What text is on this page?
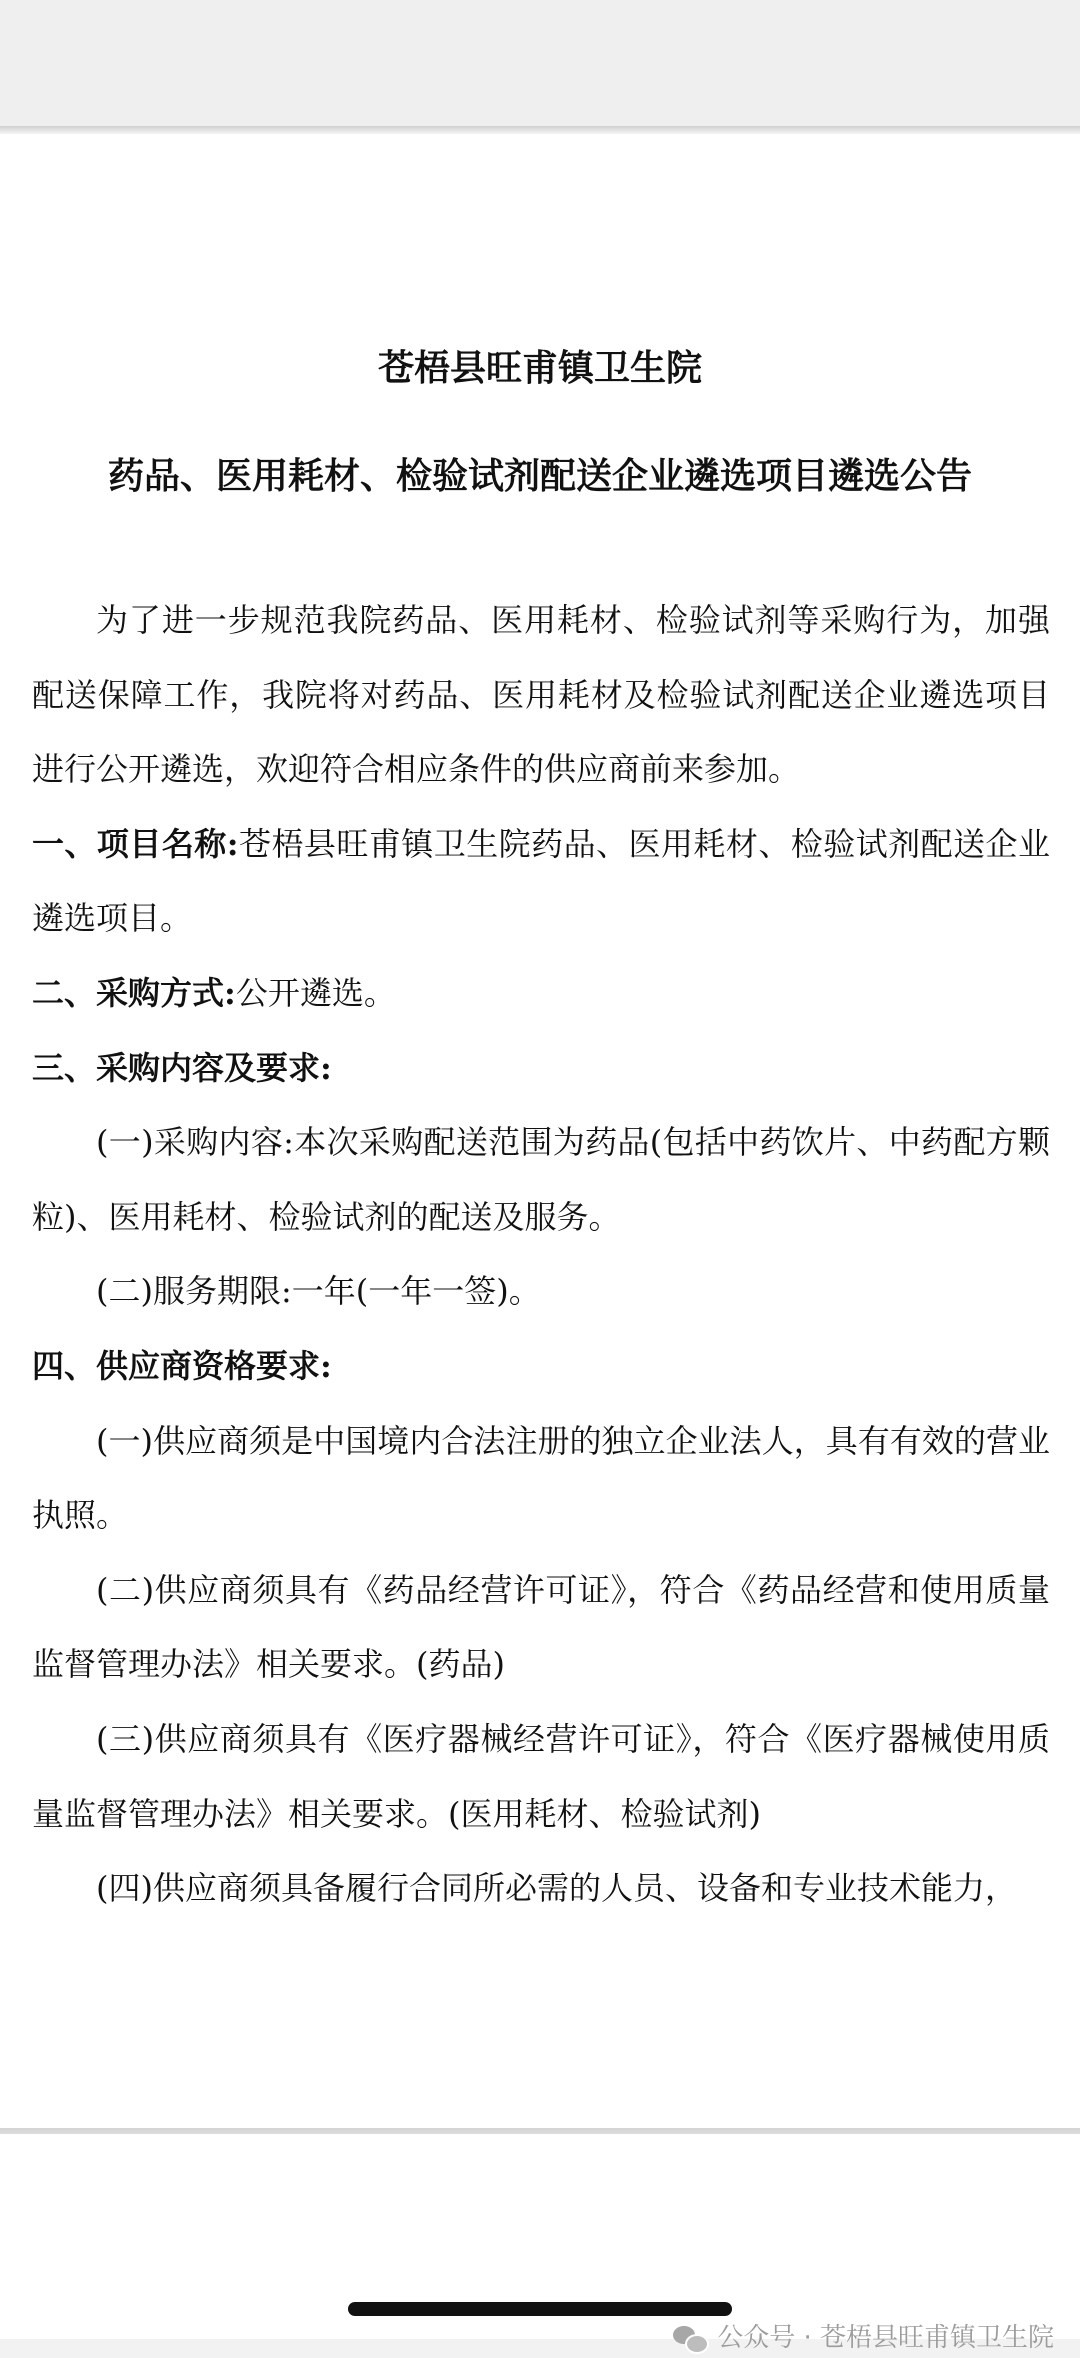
苍梧县旺甫镇卫生院
药品、医用耗材、检验试剂配送企业遴选项目遴选公告

为了进一步规范我院药品、医用耗材、检验试剂等采购行为，加强配送保障工作，我院将对药品、医用耗材及检验试剂配送企业遴选项目进行公开遴选，欢迎符合相应条件的供应商前来参加。

一、项目名称:苍梧县旺甫镇卫生院药品、医用耗材、检验试剂配送企业遴选项目。

二、采购方式:公开遴选。

三、采购内容及要求:

(一)采购内容:本次采购配送范围为药品(包括中药饮片、中药配方颗粒)、医用耗材、检验试剂的配送及服务。

(二)服务期限:一年(一年一签)。

四、供应商资格要求:

(一)供应商须是中国境内合法注册的独立企业法人，具有有效的营业执照。

(二)供应商须具有《药品经营许可证》，符合《药品经营和使用质量监督管理办法》相关要求。(药品)

(三)供应商须具有《医疗器械经营许可证》，符合《医疗器械使用质量监督管理办法》相关要求。(医用耗材、检验试剂)

(四)供应商须具备履行合同所必需的人员、设备和专业技术能力，

公众号 · 苍梧县旺甫镇卫生院
